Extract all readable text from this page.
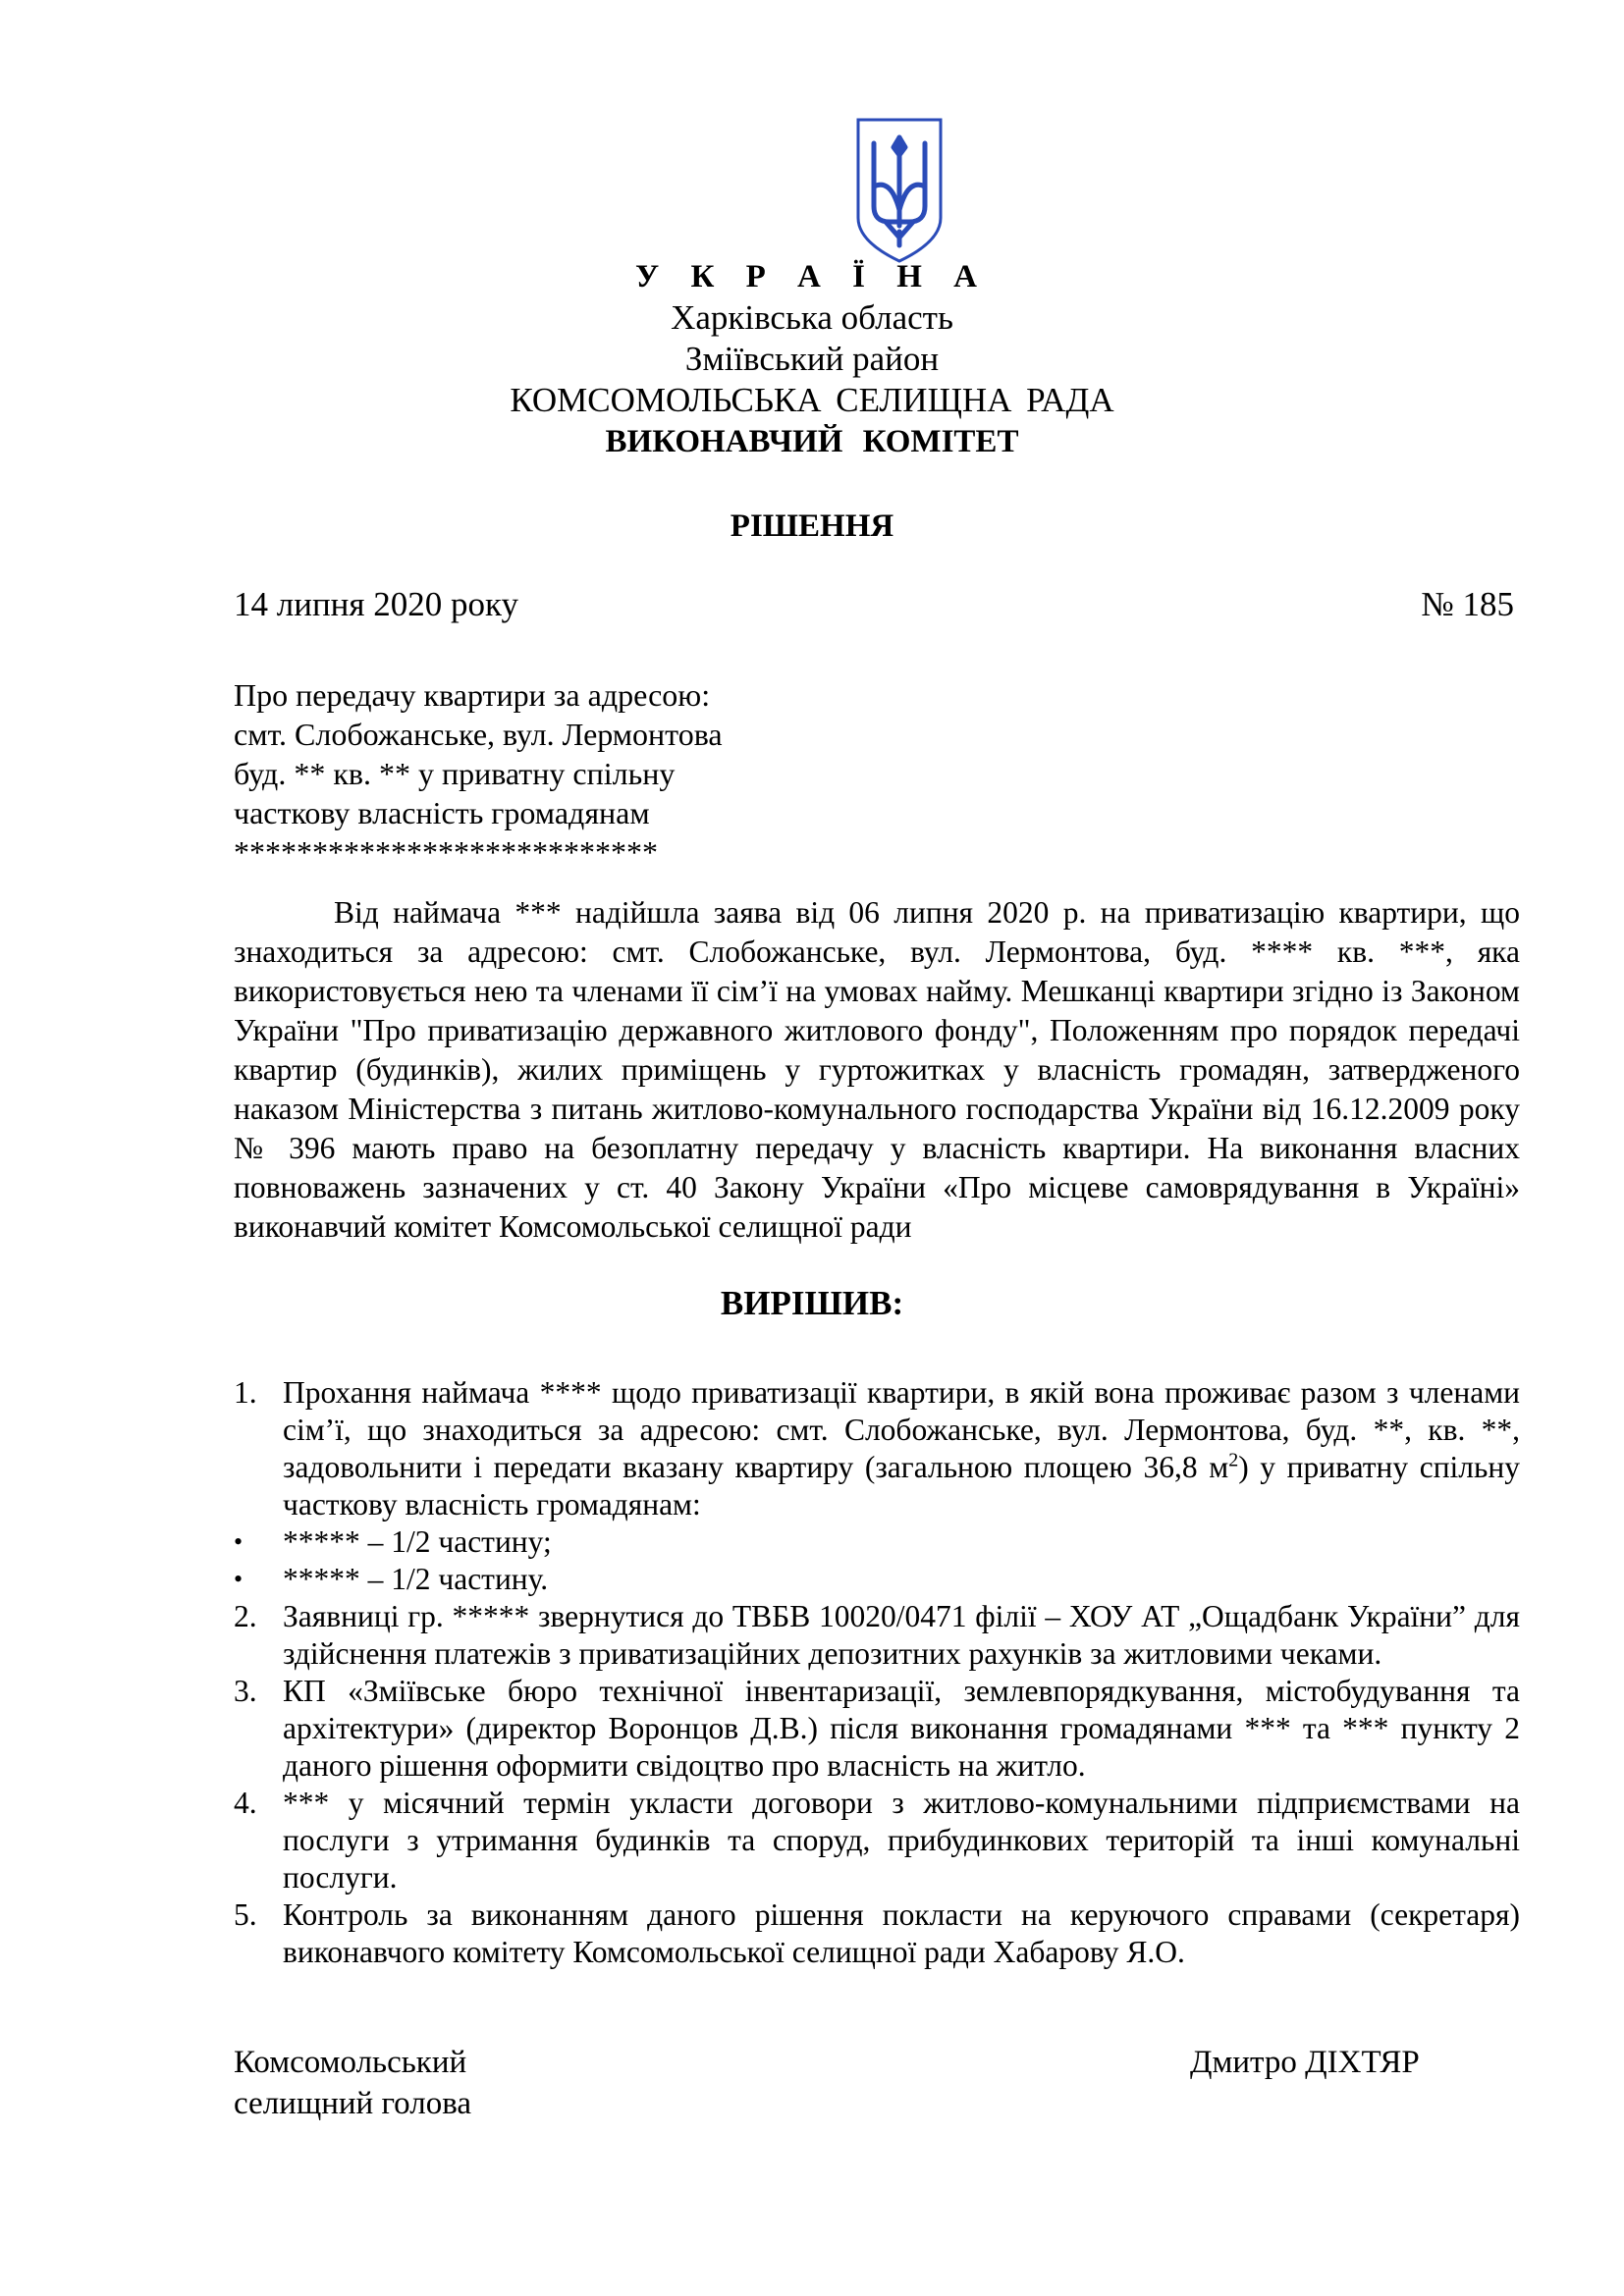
У К Р А Ї Н А
Харківська область
Зміївський район
КОМСОМОЛЬСЬКА СЕЛИЩНА РАДА
ВИКОНАВЧИЙ КОМІТЕТ
РІШЕННЯ
14 липня 2020 року	№ 185
Про передачу квартири за адресою:
смт. Слобожанське, вул. Лермонтова
буд. ** кв. ** у приватну спільну
часткову власність громадянам
***************************

Від наймача *** надійшла заява від 06 липня 2020 р. на приватизацію квартири, що знаходиться за адресою: смт. Слобожанське, вул. Лермонтова, буд. **** кв. ***, яка використовується нею та членами її сім’ї на умовах найму. Мешканці квартири згідно із Законом України "Про приватизацію державного житлового фонду", Положенням про порядок передачі квартир (будинків), жилих приміщень у гуртожитках у власність громадян, затвердженого наказом Міністерства з питань житлово-комунального господарства України від 16.12.2009 року № 396 мають право на безоплатну передачу у власність квартири. На виконання власних повноважень зазначених у ст. 40 Закону України «Про місцеве самоврядування в Україні» виконавчий комітет Комсомольської селищної ради

ВИРІШИВ:
1. Прохання наймача **** щодо приватизації квартири, в якій вона проживає разом з членами сім’ї, що знаходиться за адресою: смт. Слобожанське, вул. Лермонтова, буд. **, кв. **, задовольнити і передати вказану квартиру (загальною площею 36,8 $м^2$) у приватну спільну часткову власність громадянам:
• ***** – 1/2 частину;
• ***** – 1/2 частину.
2. Заявниці гр. ***** звернутися до ТВБВ 10020/0471 філії – ХОУ АТ „Ощадбанк України” для здійснення платежів з приватизаційних депозитних рахунків за житловими чеками.
3. КП «Зміївське бюро технічної інвентаризації, землевпорядкування, містобудування та архітектури» (директор Воронцов Д.В.) після виконання громадянами *** та *** пункту 2 даного рішення оформити свідоцтво про власність на житло.
4. *** у місячний термін укласти договори з житлово-комунальними підприємствами на послуги з утримання будинків та споруд, прибудинкових територій та інші комунальні послуги.
5. Контроль за виконанням даного рішення покласти на керуючого справами (секретаря) виконавчого комітету Комсомольської селищної ради Хабарову Я.О.
Комсомольський
селищний голова
Дмитро ДІХТЯР
